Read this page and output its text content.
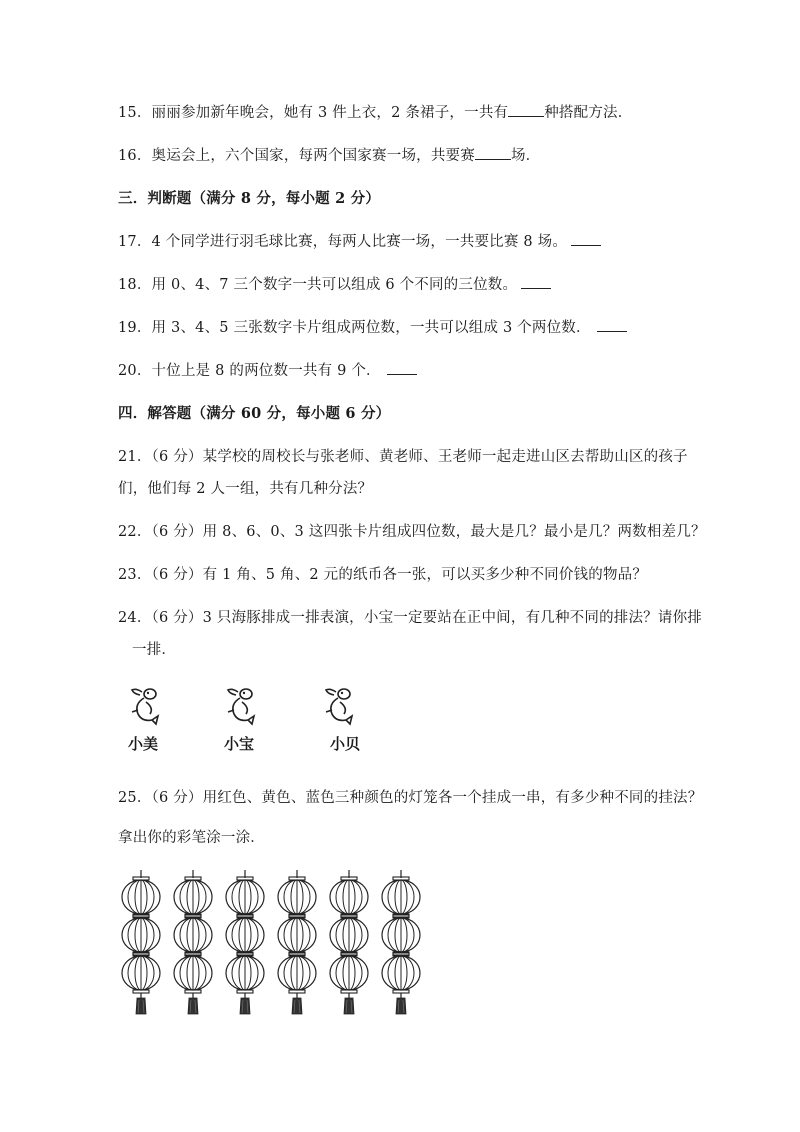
15．丽丽参加新年晚会，她有 3 件上衣，2 条裙子，一共有 种搭配方法．
16．奥运会上，六个国家，每两个国家赛一场，共要赛 场．
三．判断题（满分 8 分，每小题 2 分）
17．4 个同学进行羽毛球比赛，每两人比赛一场，一共要比赛 8 场。
18．用 0、4、7 三个数字一共可以组成 6 个不同的三位数。
19．用 3、4、5 三张数字卡片组成两位数，一共可以组成 3 个两位数．
20．十位上是 8 的两位数一共有 9 个．
四．解答题（满分 60 分，每小题 6 分）
21．（6 分）某学校的周校长与张老师、黄老师、王老师一起走进山区去帮助山区的孩子
们，他们每 2 人一组，共有几种分法？
22．（6 分）用 8、6、0、3 这四张卡片组成四位数，最大是几？最小是几？两数相差几？
23．（6 分）有 1 角、5 角、2 元的纸币各一张，可以买多少种不同价钱的物品？
24．（6 分）3 只海豚排成一排表演，小宝一定要站在正中间，有几种不同的排法？请你排
一排．
小美	小宝	小贝
25．（6 分）用红色、黄色、蓝色三种颜色的灯笼各一个挂成一串，有多少种不同的挂法？
拿出你的彩笔涂一涂．
